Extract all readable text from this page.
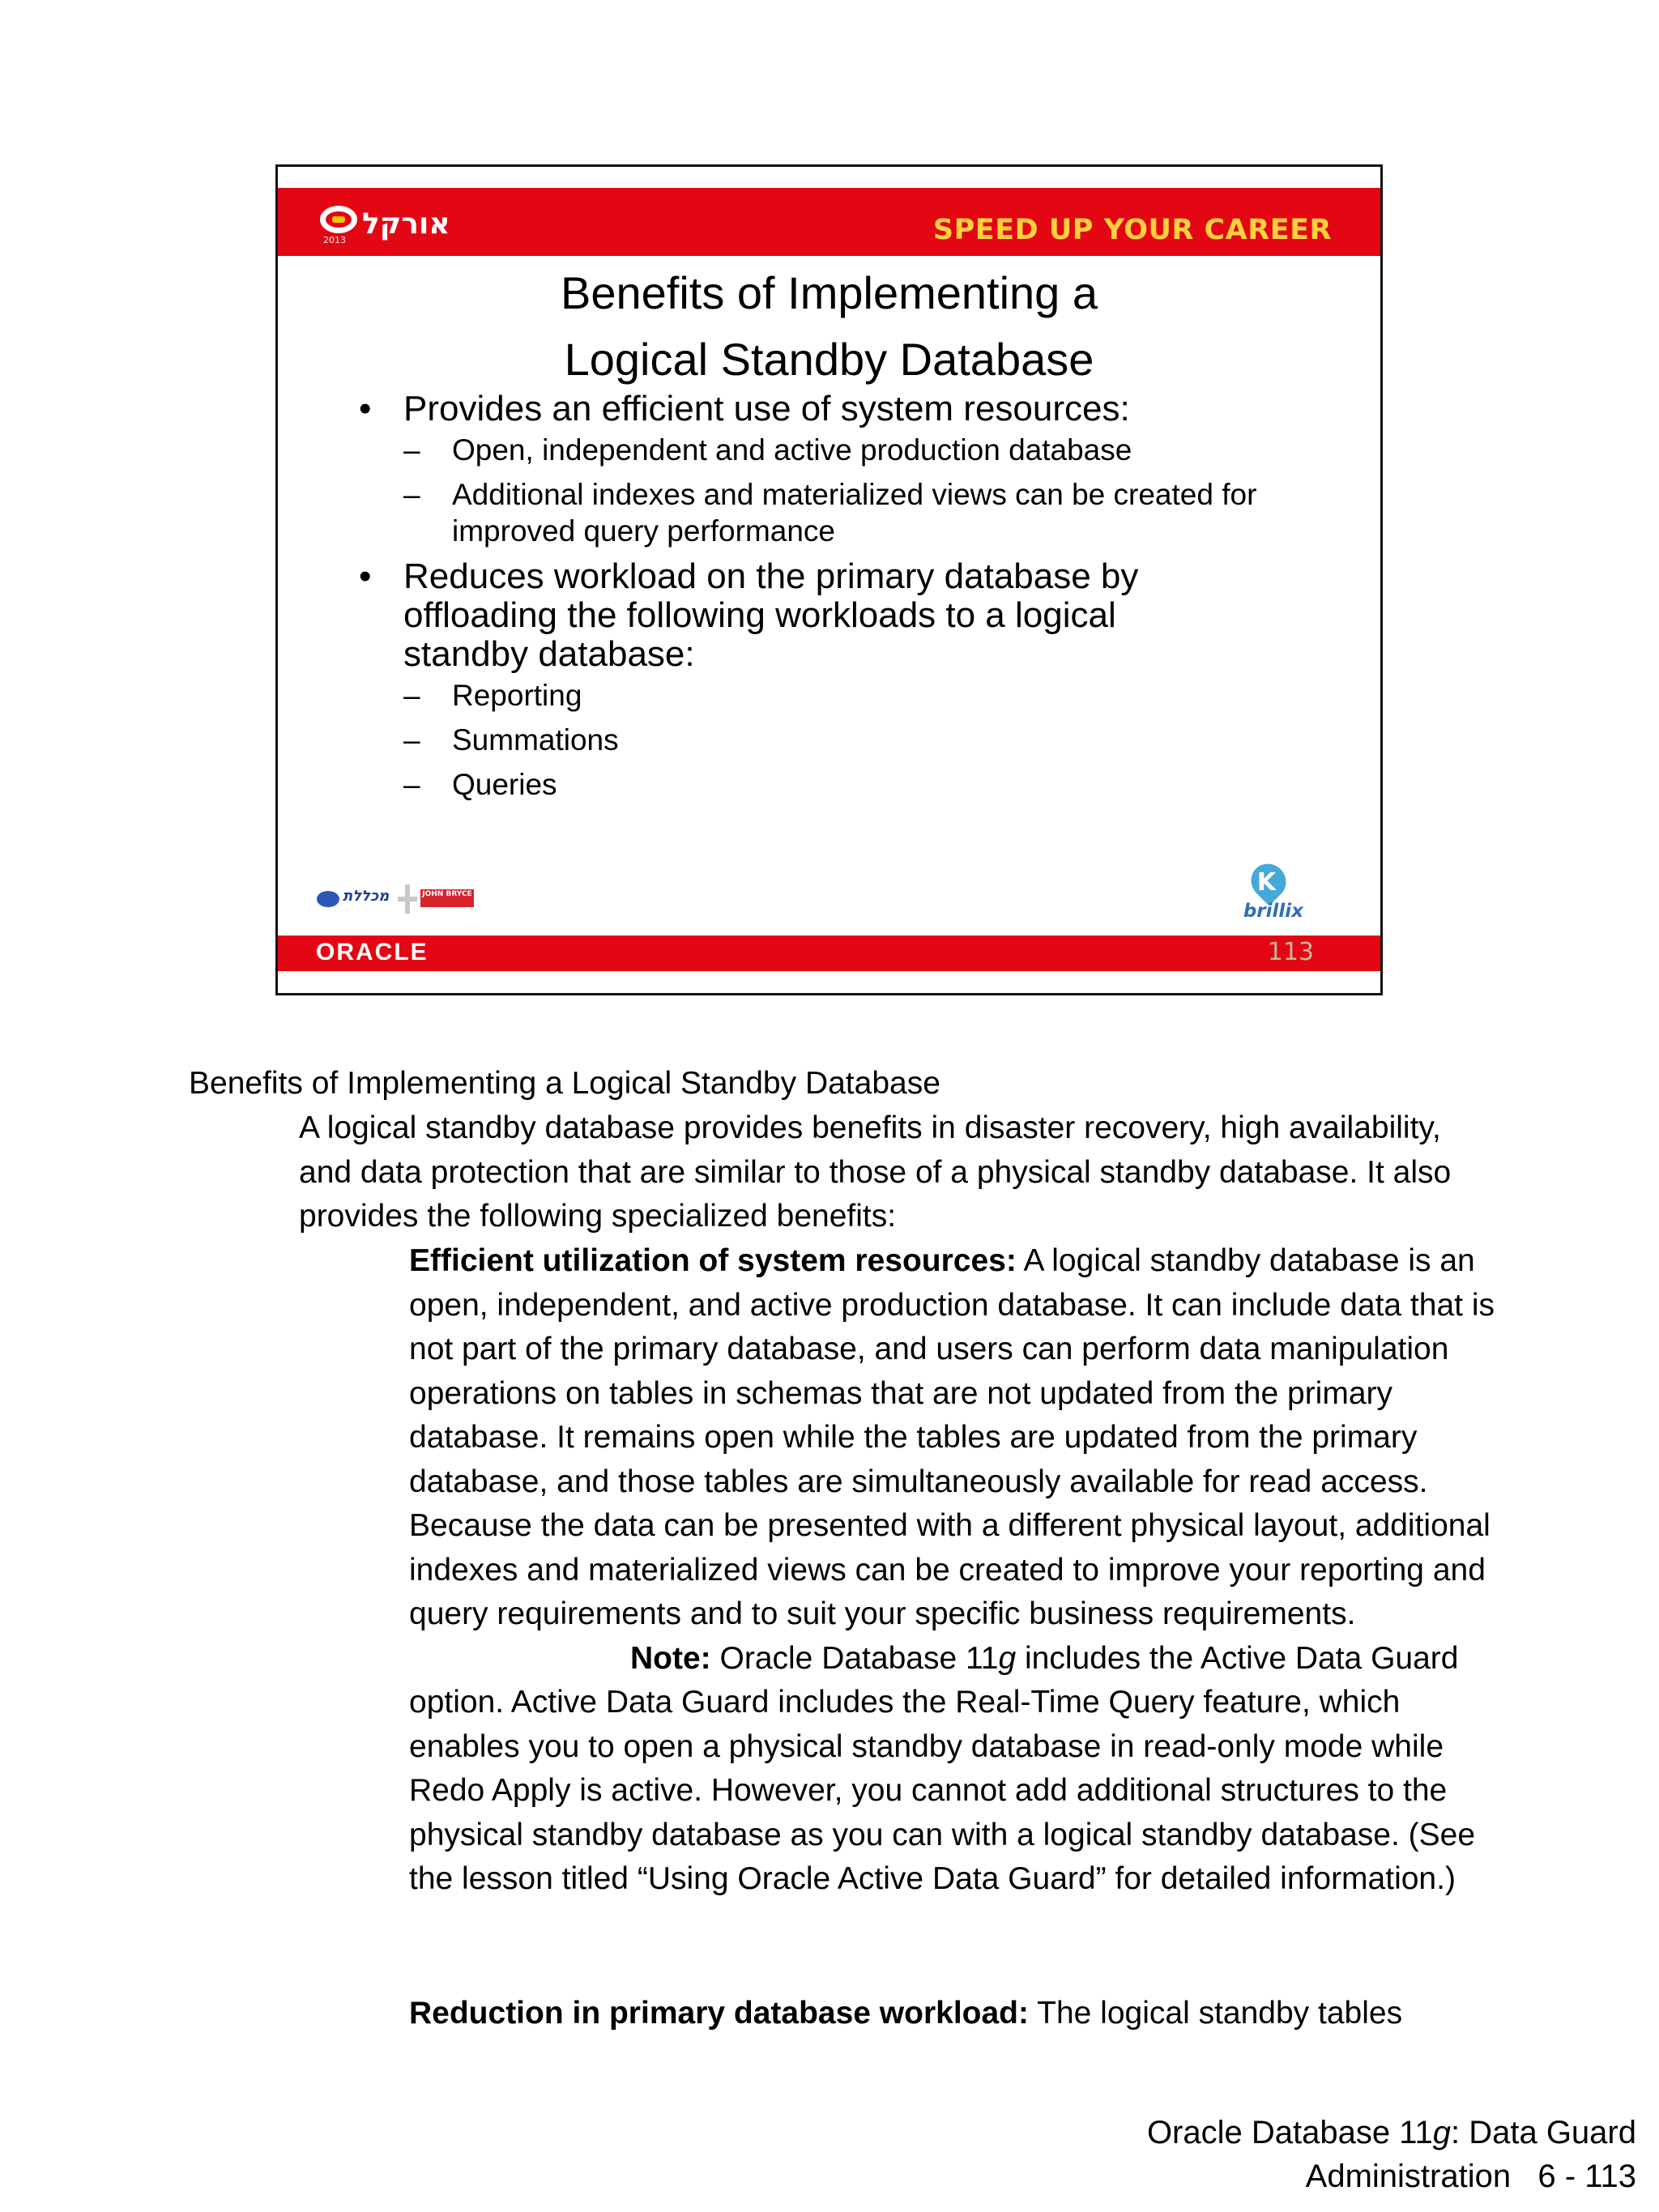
2013 אורקל	SPEED UP YOUR CAREER
Benefits of Implementing a
Logical Standby Database
• Provides an efficient use of system resources:
– Open, independent and active production database
– Additional indexes and materialized views can be created for improved query performance
• Reduces workload on the primary database by offloading the following workloads to a logical standby database:
– Reporting
– Summations
– Queries
מכללת	JOHN BRYCE	K
brillix
ORACLE	113
Benefits of Implementing a Logical Standby Database
A logical standby database provides benefits in disaster recovery, high availability, and data protection that are similar to those of a physical standby database. It also provides the following specialized benefits:

Efficient utilization of system resources: A logical standby database is an open, independent, and active production database. It can include data that is not part of the primary database, and users can perform data manipulation operations on tables in schemas that are not updated from the primary database. It remains open while the tables are updated from the primary database, and those tables are simultaneously available for read access. Because the data can be presented with a different physical layout, additional indexes and materialized views can be created to improve your reporting and query requirements and to suit your specific business requirements.

Note: Oracle Database 11g includes the Active Data Guard option. Active Data Guard includes the Real-Time Query feature, which enables you to open a physical standby database in read-only mode while Redo Apply is active. However, you cannot add additional structures to the physical standby database as you can with a logical standby database. (See the lesson titled “Using Oracle Active Data Guard” for detailed information.)

Reduction in primary database workload: The logical standby tables
Oracle Database 11g: Data Guard
Administration   6 - 113
